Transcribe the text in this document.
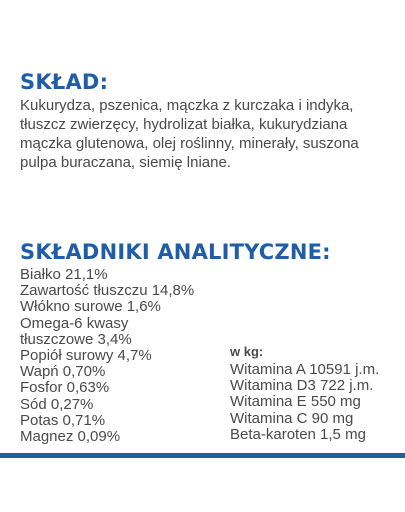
SKŁAD:

Kukurydza, pszenica, mączka z kurczaka i indyka, tłuszcz zwierzęcy, hydrolizat białka, kukurydziana mączka glutenowa, olej roślinny, minerały, suszona pulpa buraczana, siemię lniane.

SKŁADNIKI ANALITYCZNE:
Białko 21,1%
Zawartość tłuszczu 14,8%
Włókno surowe 1,6%
Omega-6 kwasy
tłuszczowe 3,4%
Popiół surowy 4,7%
Wapń 0,70%
Fosfor 0,63%
Sód 0,27%
Potas 0,71%
Magnez 0,09%

w kg:

Witamina A 10591 j.m.
Witamina D3 722 j.m.
Witamina E 550 mg
Witamina C 90 mg
Beta-karoten 1,5 mg
